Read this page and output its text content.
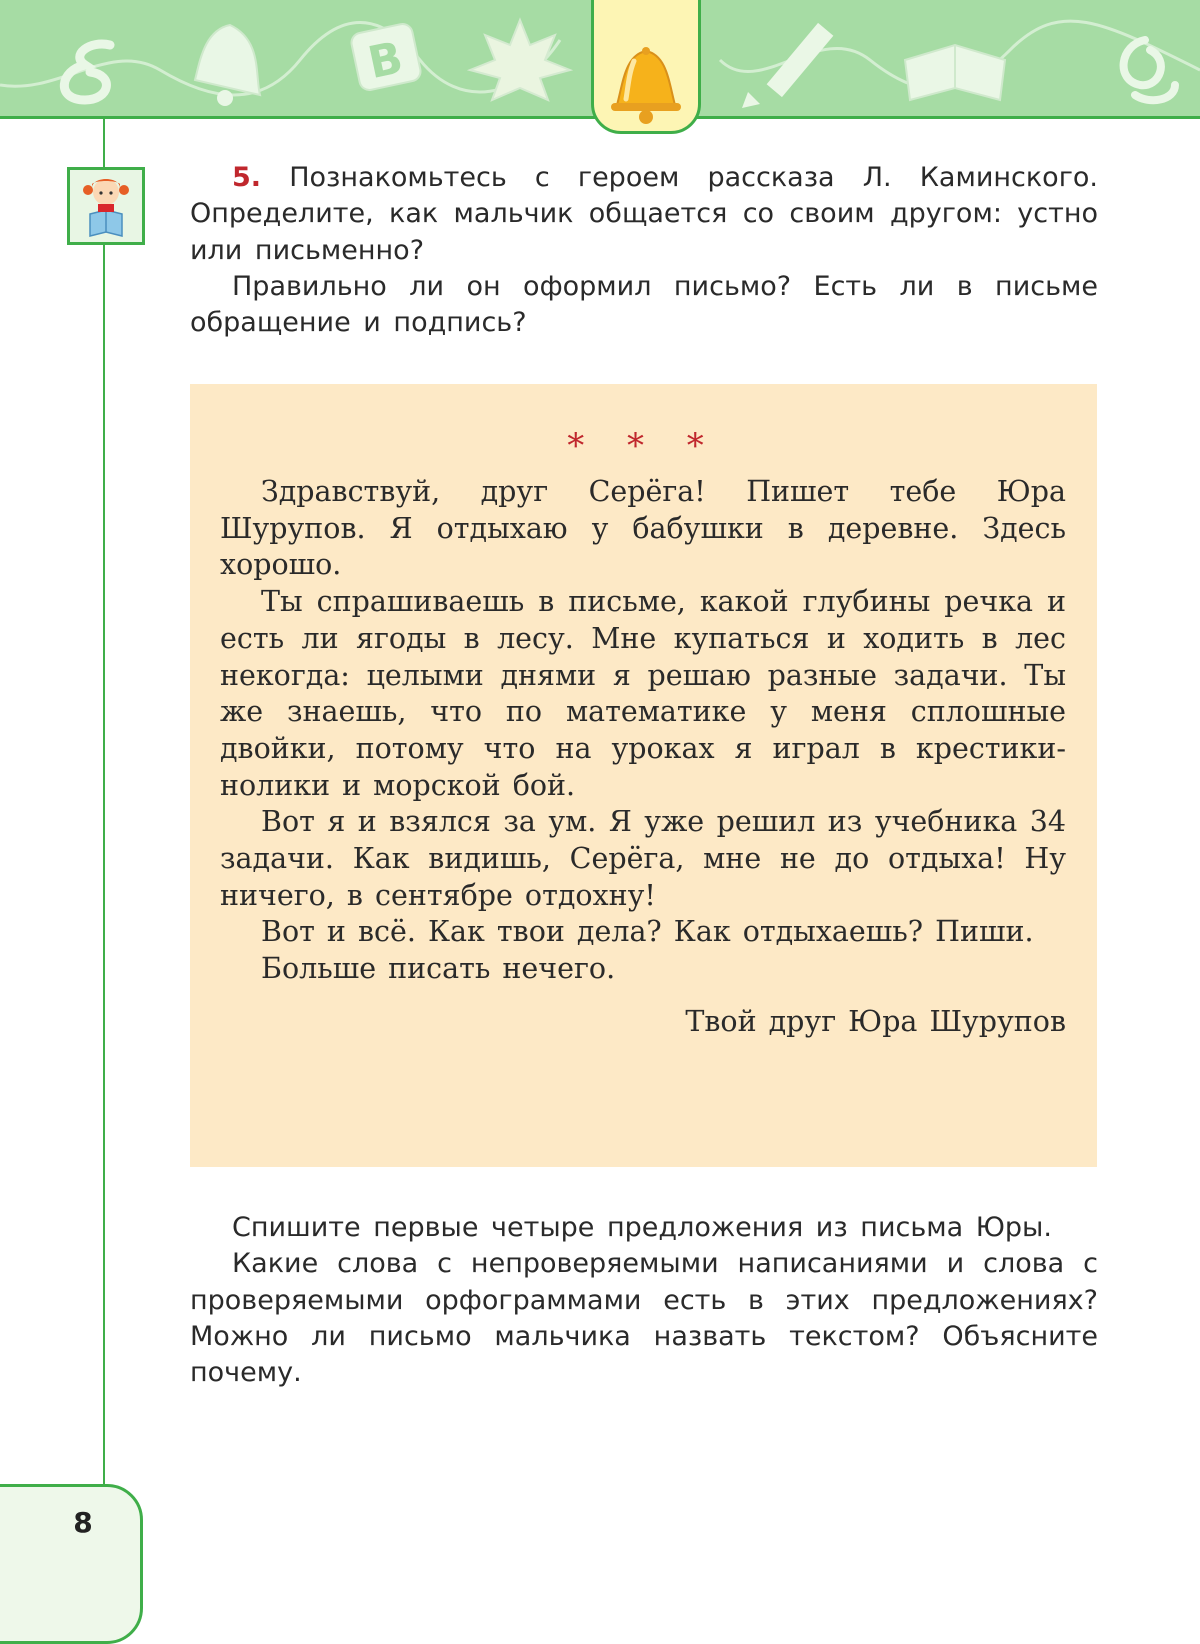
В

5. Познакомьтесь с героем рассказа Л. Каминского. Определите, как мальчик общается со своим другом: устно или письменно?

Правильно ли он оформил письмо? Есть ли в письме обращение и подпись?

* * *

Здравствуй, друг Серёга! Пишет тебе Юра Шурупов. Я отдыхаю у бабушки в деревне. Здесь хорошо.

Ты спрашиваешь в письме, какой глубины речка и есть ли ягоды в лесу. Мне купаться и ходить в лес некогда: целыми днями я решаю разные задачи. Ты же знаешь, что по математике у меня сплошные двойки, потому что на уроках я играл в крестики-нолики и морской бой.

Вот я и взялся за ум. Я уже решил из учебника 34 задачи. Как видишь, Серёга, мне не до отдыха! Ну ничего, в сентябре отдохну!

Вот и всё. Как твои дела? Как отдыхаешь? Пиши.

Больше писать нечего.

Твой друг Юра Шурупов

Спишите первые четыре предложения из письма Юры.

Какие слова с непроверяемыми написаниями и слова с проверяемыми орфограммами есть в этих предложениях? Можно ли письмо мальчика назвать текстом? Объясните почему.

8
